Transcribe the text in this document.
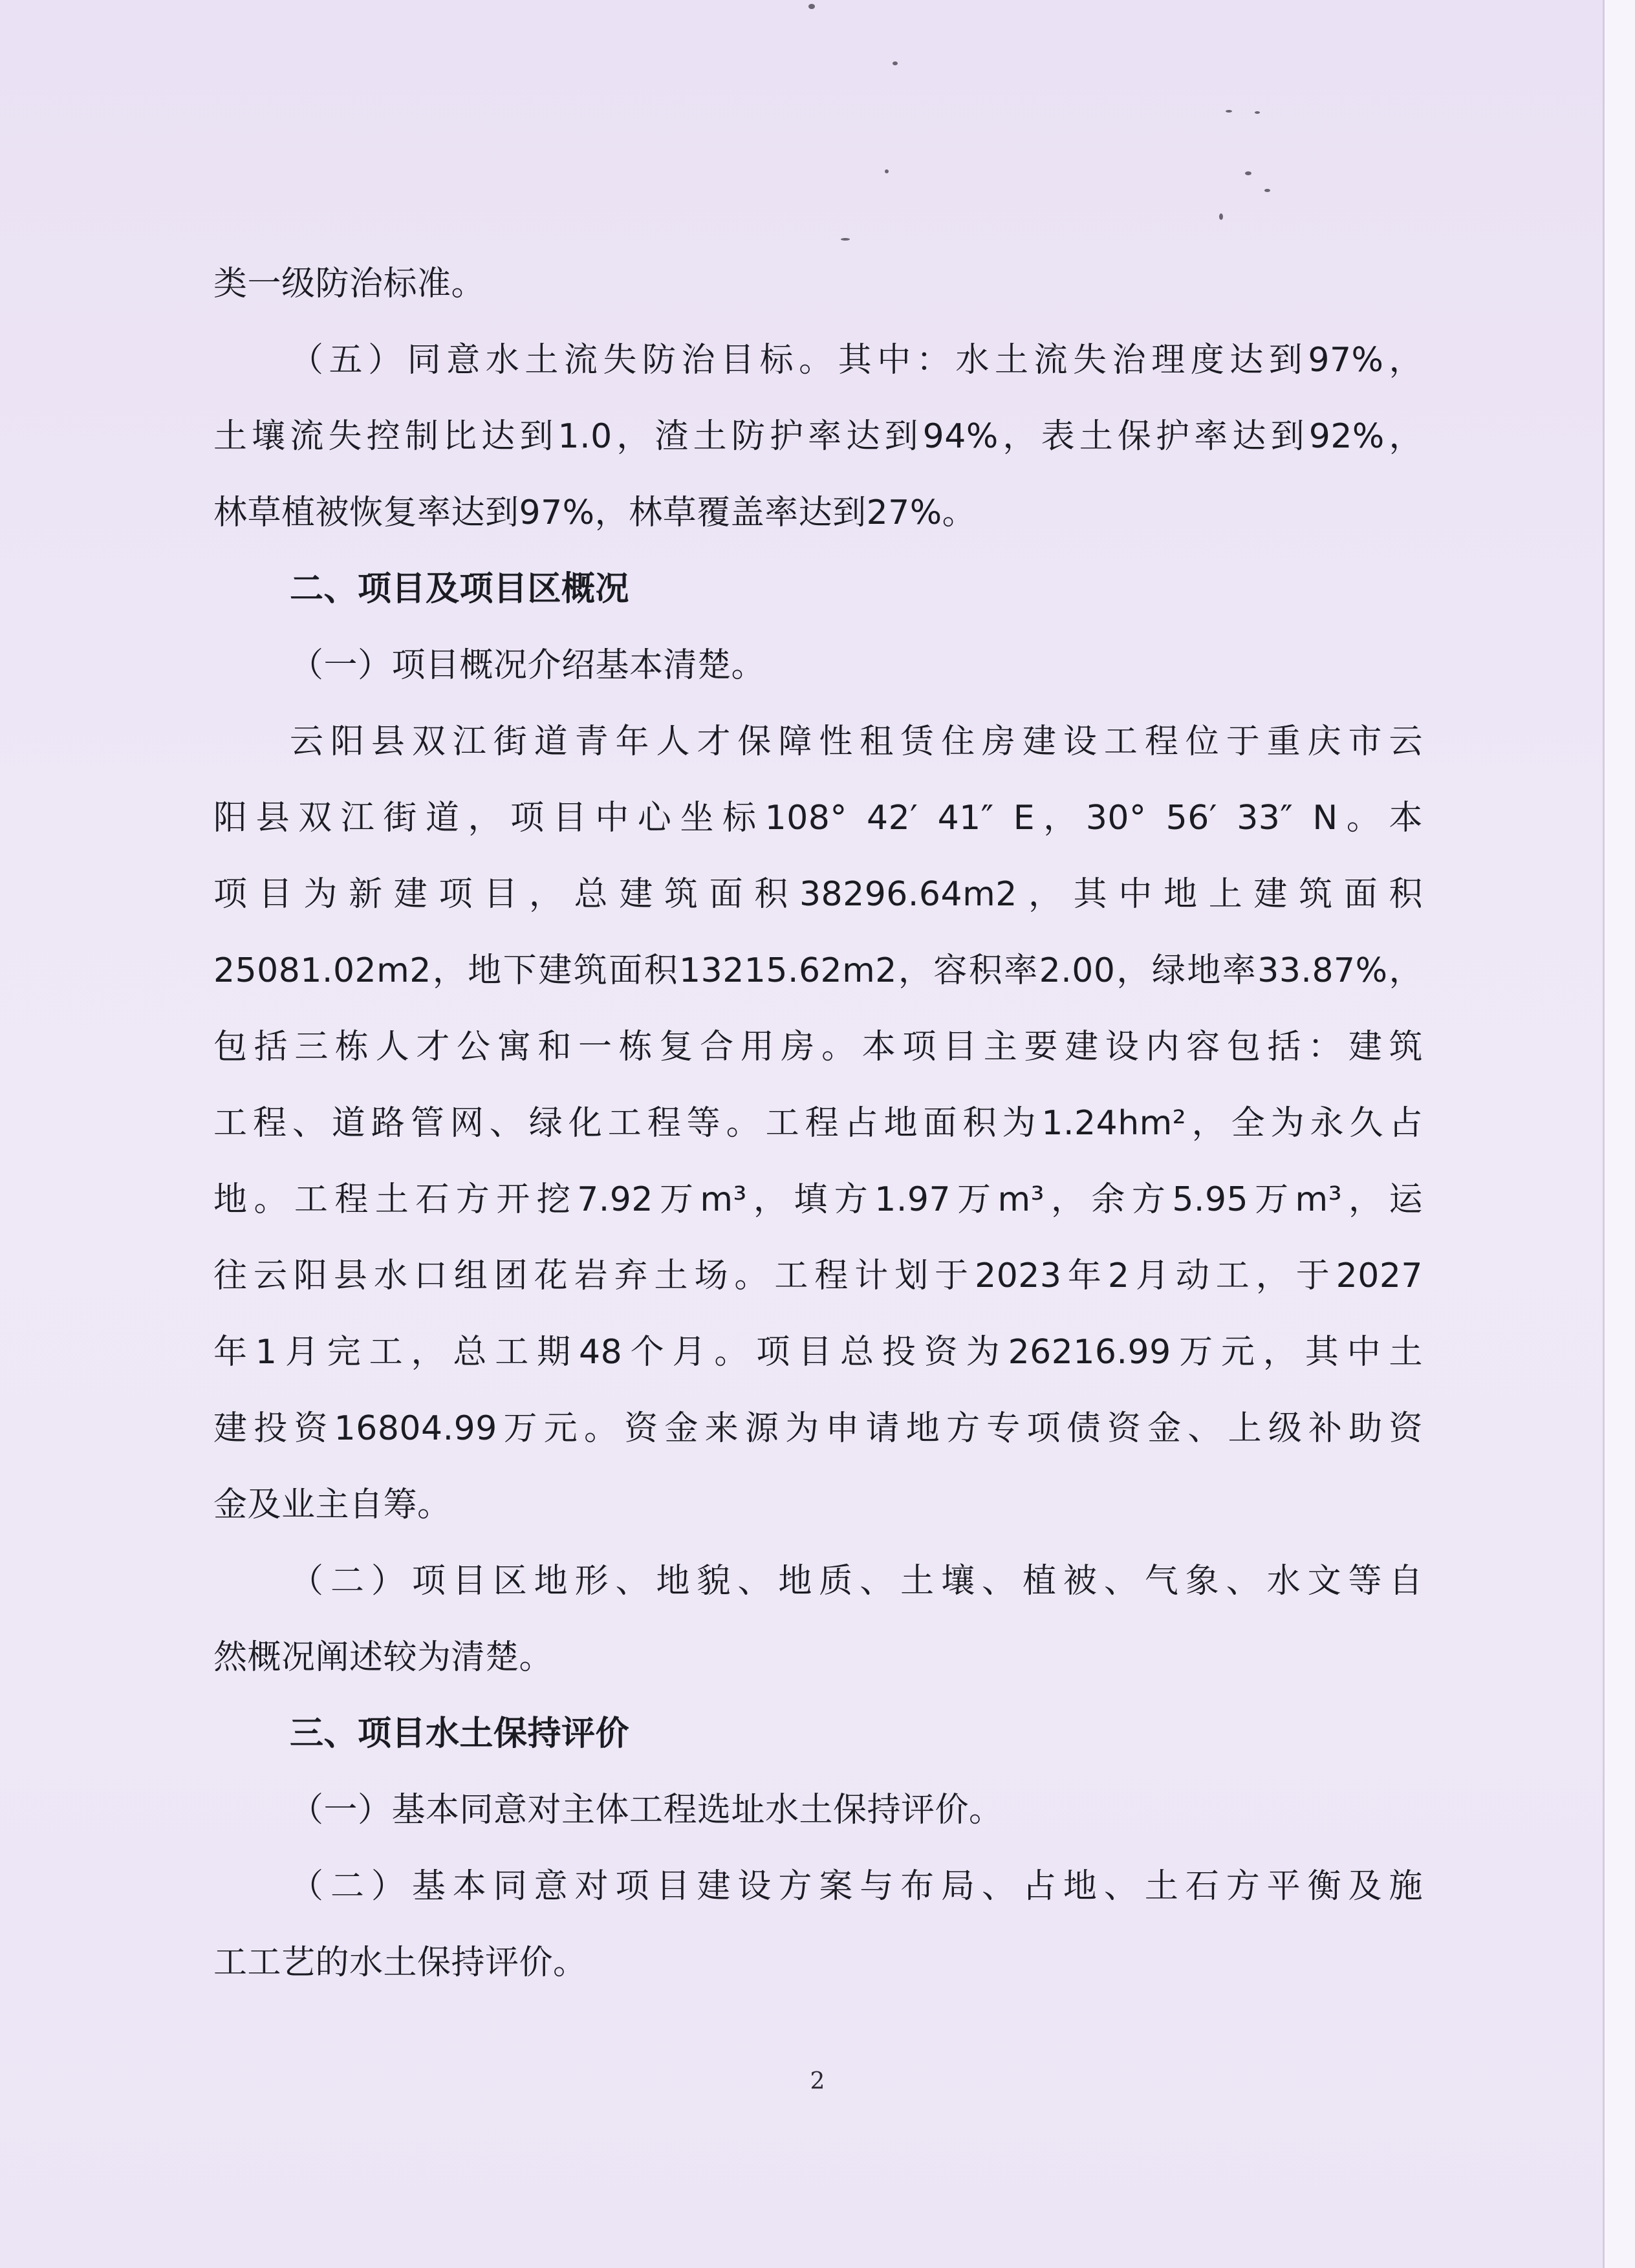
类一级防治标准。
（五）同意水土流失防治目标。其中：水土流失治理度达到97%，
土壤流失控制比达到1.0，渣土防护率达到94%，表土保护率达到92%，
林草植被恢复率达到97%，林草覆盖率达到27%。
二、项目及项目区概况
（一）项目概况介绍基本清楚。
云阳县双江街道青年人才保障性租赁住房建设工程位于重庆市云
阳县双江街道，项目中心坐标108° 42′ 41″ E，30° 56′ 33″ N。本
项目为新建项目，总建筑面积38296.64m2，其中地上建筑面积
25081.02m2，地下建筑面积13215.62m2，容积率2.00，绿地率33.87%，
包括三栋人才公寓和一栋复合用房。本项目主要建设内容包括：建筑
工程、道路管网、绿化工程等。工程占地面积为1.24hm²，全为永久占
地。工程土石方开挖7.92万m³，填方1.97万m³，余方5.95万m³，运
往云阳县水口组团花岩弃土场。工程计划于2023年2月动工，于2027
年1月完工，总工期48个月。项目总投资为26216.99万元，其中土
建投资16804.99万元。资金来源为申请地方专项债资金、上级补助资
金及业主自筹。
（二）项目区地形、地貌、地质、土壤、植被、气象、水文等自
然概况阐述较为清楚。
三、项目水土保持评价
（一）基本同意对主体工程选址水土保持评价。
（二）基本同意对项目建设方案与布局、占地、土石方平衡及施
工工艺的水土保持评价。
2
